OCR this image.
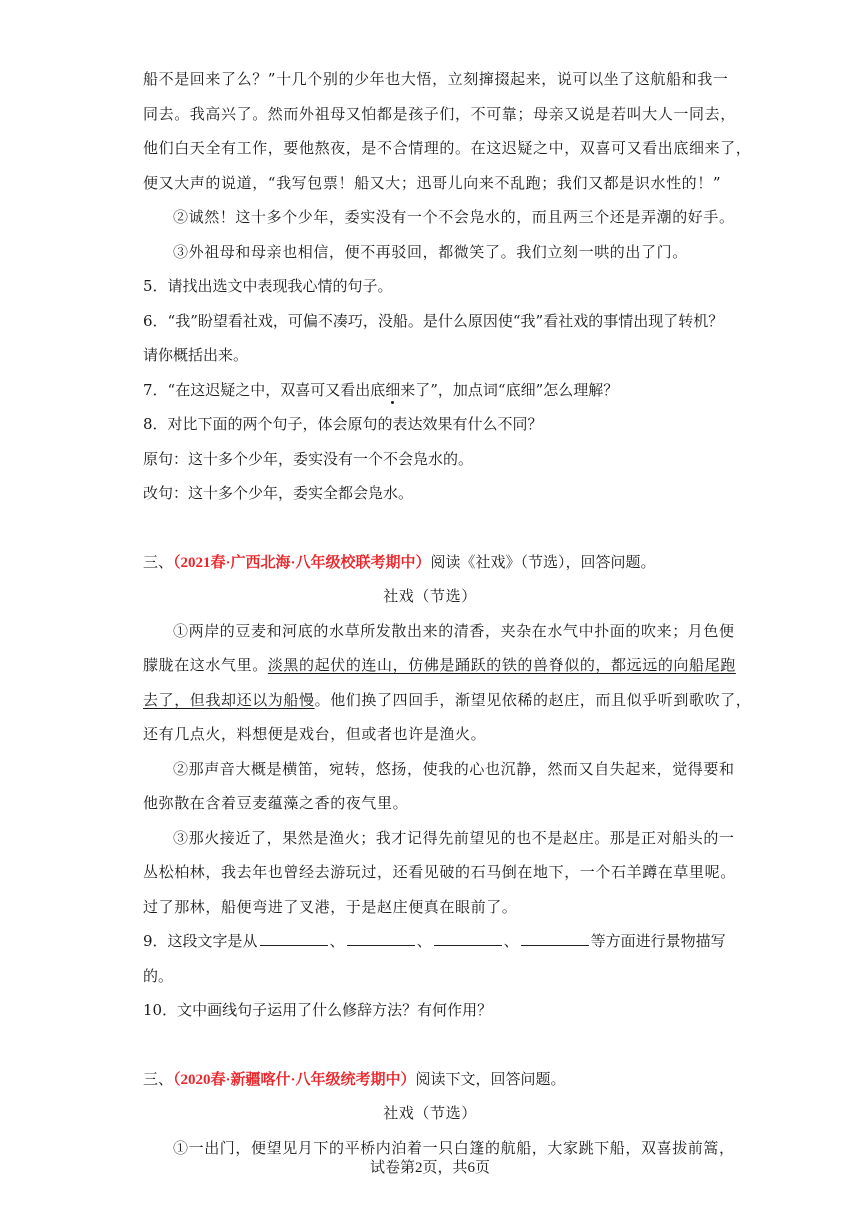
船不是回来了么？”十几个别的少年也大悟，立刻撺掇起来，说可以坐了这航船和我一
同去。我高兴了。然而外祖母又怕都是孩子们，不可靠；母亲又说是若叫大人一同去，
他们白天全有工作，要他熬夜，是不合情理的。在这迟疑之中，双喜可又看出底细来了，
便又大声的说道，“我写包票！船又大；迅哥儿向来不乱跑；我们又都是识水性的！”
②诚然！这十多个少年，委实没有一个不会凫水的，而且两三个还是弄潮的好手。
③外祖母和母亲也相信，便不再驳回，都微笑了。我们立刻一哄的出了门。
5．请找出选文中表现我心情的句子。
6．“我”盼望看社戏，可偏不凑巧，没船。是什么原因使“我”看社戏的事情出现了转机？
请你概括出来。
7．“在这迟疑之中，双喜可又看出底细来了”，加点词“底细”怎么理解？
8．对比下面的两个句子，体会原句的表达效果有什么不同？
原句：这十多个少年，委实没有一个不会凫水的。
改句：这十多个少年，委实全都会凫水。
三、（2021春·广西北海·八年级校联考期中）阅读《社戏》（节选），回答问题。
社戏（节选）
①两岸的豆麦和河底的水草所发散出来的清香，夹杂在水气中扑面的吹来；月色便
朦胧在这水气里。淡黑的起伏的连山，仿佛是踊跃的铁的兽脊似的，都远远的向船尾跑
去了，但我却还以为船慢。他们换了四回手，渐望见依稀的赵庄，而且似乎听到歌吹了，
还有几点火，料想便是戏台，但或者也许是渔火。
②那声音大概是横笛，宛转，悠扬，使我的心也沉静，然而又自失起来，觉得要和
他弥散在含着豆麦蕴藻之香的夜气里。
③那火接近了，果然是渔火；我才记得先前望见的也不是赵庄。那是正对船头的一
丛松柏林，我去年也曾经去游玩过，还看见破的石马倒在地下，一个石羊蹲在草里呢。
过了那林，船便弯进了叉港，于是赵庄便真在眼前了。
9．这段文字是从	、	、	、	等方面进行景物描写
的。
10．文中画线句子运用了什么修辞方法？有何作用？
三、（2020春·新疆喀什·八年级统考期中）阅读下文，回答问题。
社戏（节选）
①一出门，便望见月下的平桥内泊着一只白篷的航船，大家跳下船，双喜拔前篙，
试卷第2页，共6页
